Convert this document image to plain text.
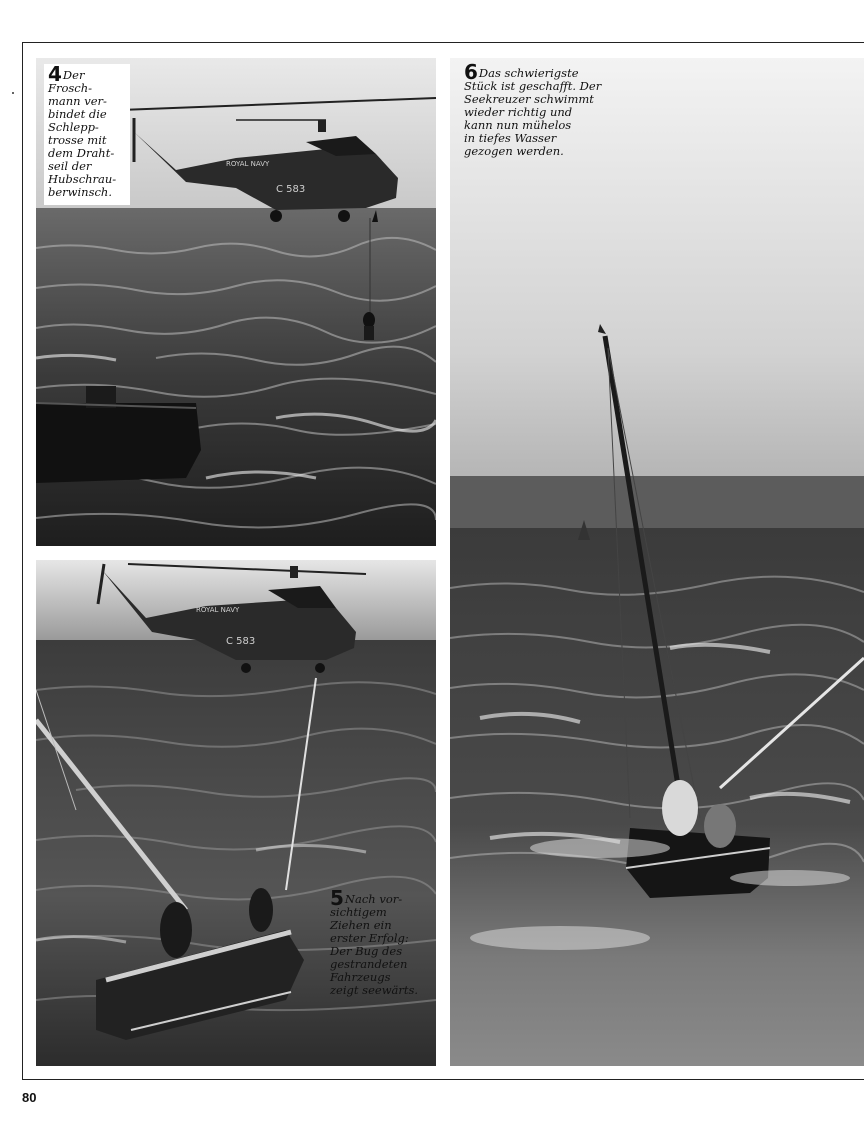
ROYAL NAVY
C 583
ROYAL NAVY
C 583

4Der
Frosch-
mann ver-
bindet die
Schlepp-
trosse mit
dem Draht-
seil der
Hubschrau-
berwinsch.

6Das schwierigste
Stück ist geschafft. Der
Seekreuzer schwimmt
wieder richtig und
kann nun mühelos
in tiefes Wasser
gezogen werden.

5Nach vor-
sichtigem
Ziehen ein
erster Erfolg:
Der Bug des
gestrandeten
Fahrzeugs
zeigt seewärts.

80
